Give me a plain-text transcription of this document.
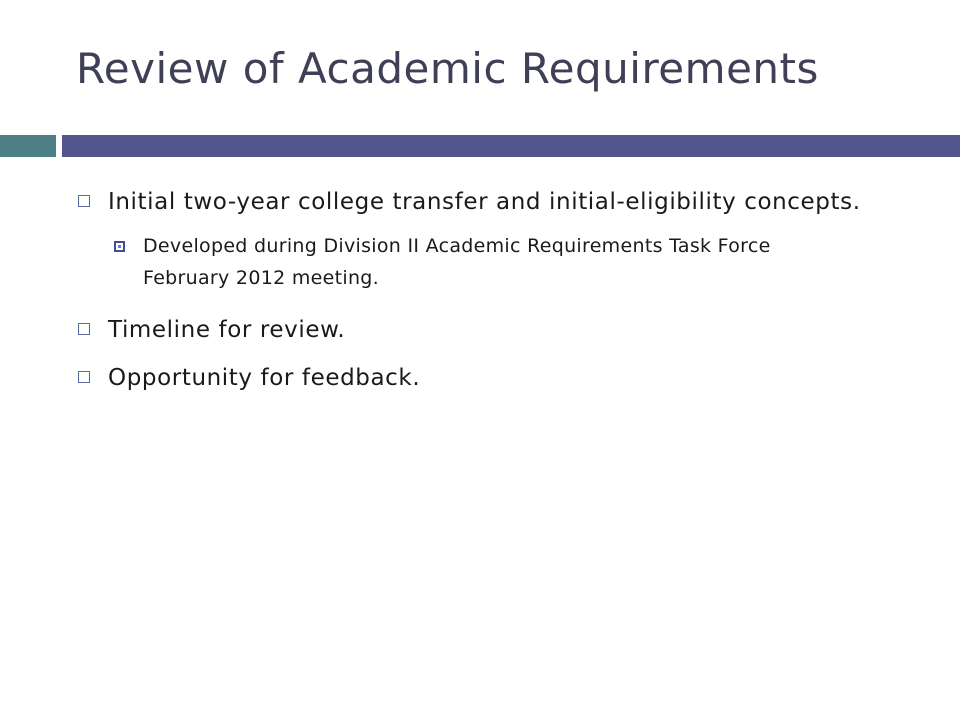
Review of Academic Requirements
Initial two-year college transfer and initial-eligibility concepts.
Developed during Division II Academic Requirements Task Force February 2012 meeting.
Timeline for review.
Opportunity for feedback.
